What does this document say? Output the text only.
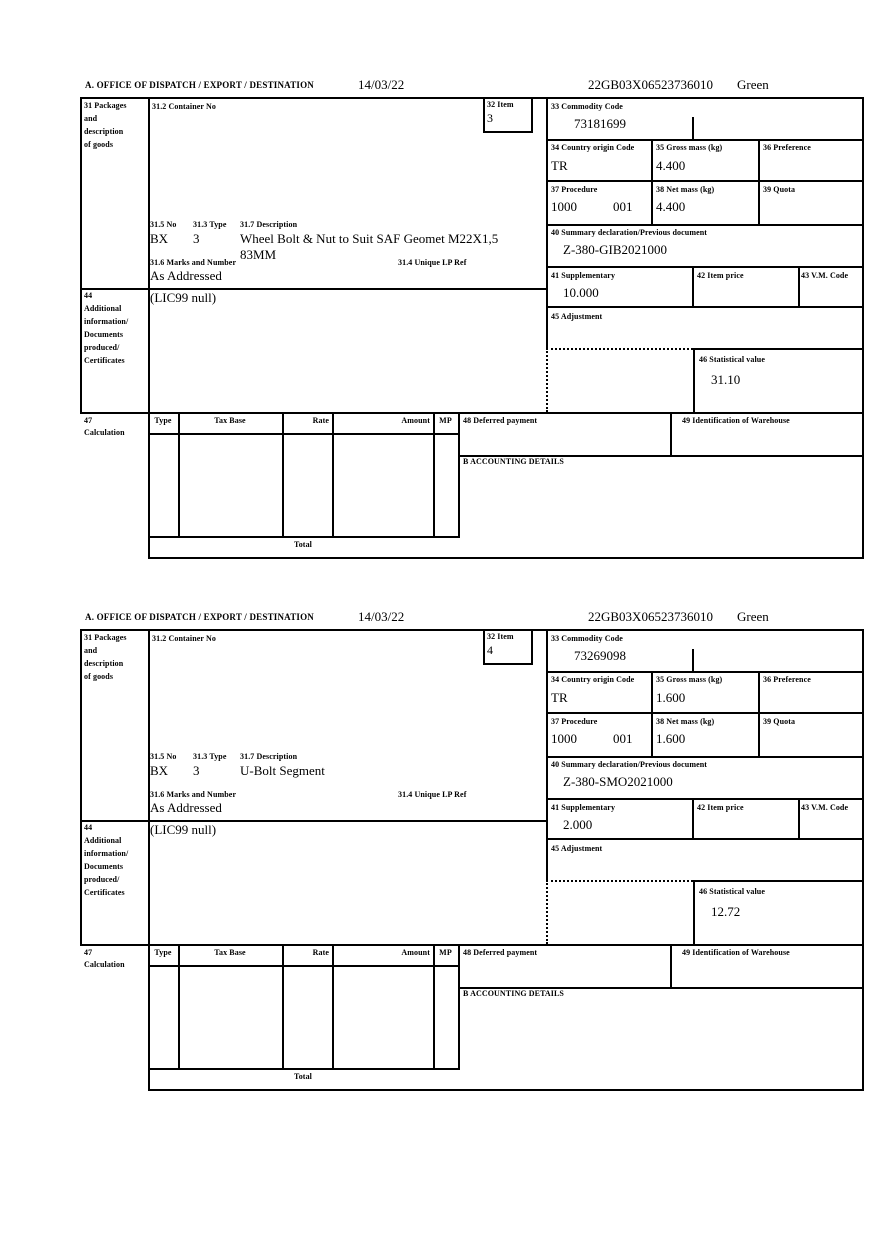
A. OFFICE OF DISPATCH / EXPORT / DESTINATION	14/03/22	22GB03X06523736010 Green
31 Packages
and
description
of goods
31.2 Container No	32 Item
3
33 Commodity Code
73181699
34 Country origin Code
TR
35 Gross mass (kg)
4.400
36 Preference
37 Procedure
1000	001
38 Net mass (kg)
4.400
39 Quota
31.5 No 31.3 Type 31.7 Description
BX 3	Wheel Bolt & Nut to Suit SAF Geomet M22X1,5 83MM
31.6 Marks and Number	31.4 Unique LP Ref
As Addressed
40 Summary declaration/Previous document
Z-380-GIB2021000
41 Supplementary
10.000
42 Item price	43 V.M. Code
44
Additional
information/
Documents
produced/
Certificates
(LIC99 null)
45 Adjustment
46 Statistical value
31.10
47
Calculation
Type	Tax Base	Rate	Amount	MP	48 Deferred payment	49 Identification of Warehouse
B ACCOUNTING DETAILS
Total
A. OFFICE OF DISPATCH / EXPORT / DESTINATION	14/03/22	22GB03X06523736010 Green
31 Packages
and
description
of goods
31.2 Container No	32 Item
4
33 Commodity Code
73269098
34 Country origin Code
TR
35 Gross mass (kg)
1.600
36 Preference
37 Procedure
1000	001
38 Net mass (kg)
1.600
39 Quota
31.5 No 31.3 Type 31.7 Description
BX 3	U-Bolt Segment
31.6 Marks and Number	31.4 Unique LP Ref
As Addressed
40 Summary declaration/Previous document
Z-380-SMO2021000
41 Supplementary
2.000
42 Item price	43 V.M. Code
44
Additional
information/
Documents
produced/
Certificates
(LIC99 null)
45 Adjustment
46 Statistical value
12.72
47
Calculation
Type	Tax Base	Rate	Amount	MP	48 Deferred payment	49 Identification of Warehouse
B ACCOUNTING DETAILS
Total
